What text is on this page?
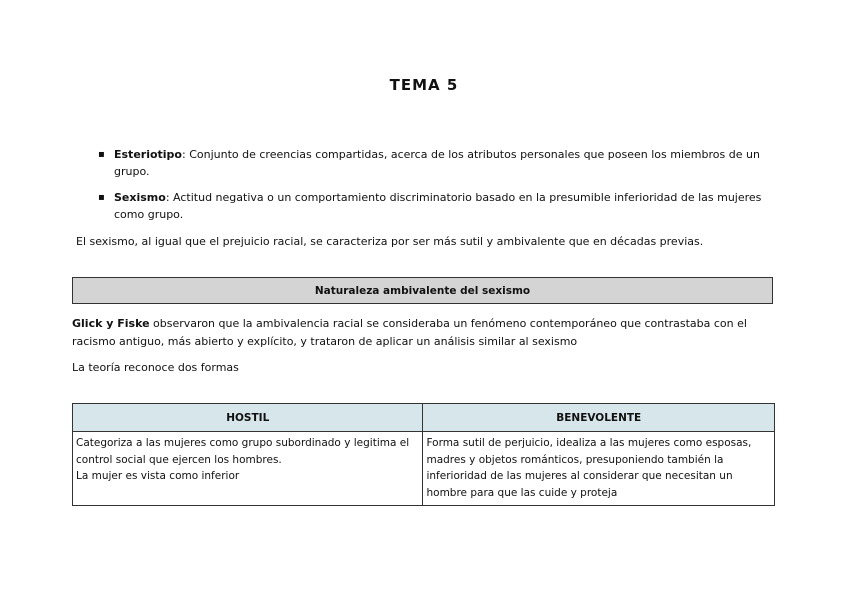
TEMA 5
▪ Esteriotipo: Conjunto de creencias compartidas, acerca de los atributos personales que poseen los miembros de un grupo.
▪ Sexismo: Actitud negativa o un comportamiento discriminatorio basado en la presumible inferioridad de las mujeres como grupo.
El sexismo, al igual que el prejuicio racial, se caracteriza por ser más sutil y ambivalente que en décadas previas.
Naturaleza ambivalente del sexismo
Glick y Fiske observaron que la ambivalencia racial se consideraba un fenómeno contemporáneo que contrastaba con el racismo antiguo, más abierto y explícito, y trataron de aplicar un análisis similar al sexismo
La teoría reconoce dos formas
HOSTIL	BENEVOLENTE

Categoriza a las mujeres como grupo subordinado y legitima el control social que ejercen los hombres.
La mujer es vista como inferior	Forma sutil de perjuicio, idealiza a las mujeres como esposas, madres y objetos románticos, presuponiendo también la inferioridad de las mujeres al considerar que necesitan un hombre para que las cuide y proteja
